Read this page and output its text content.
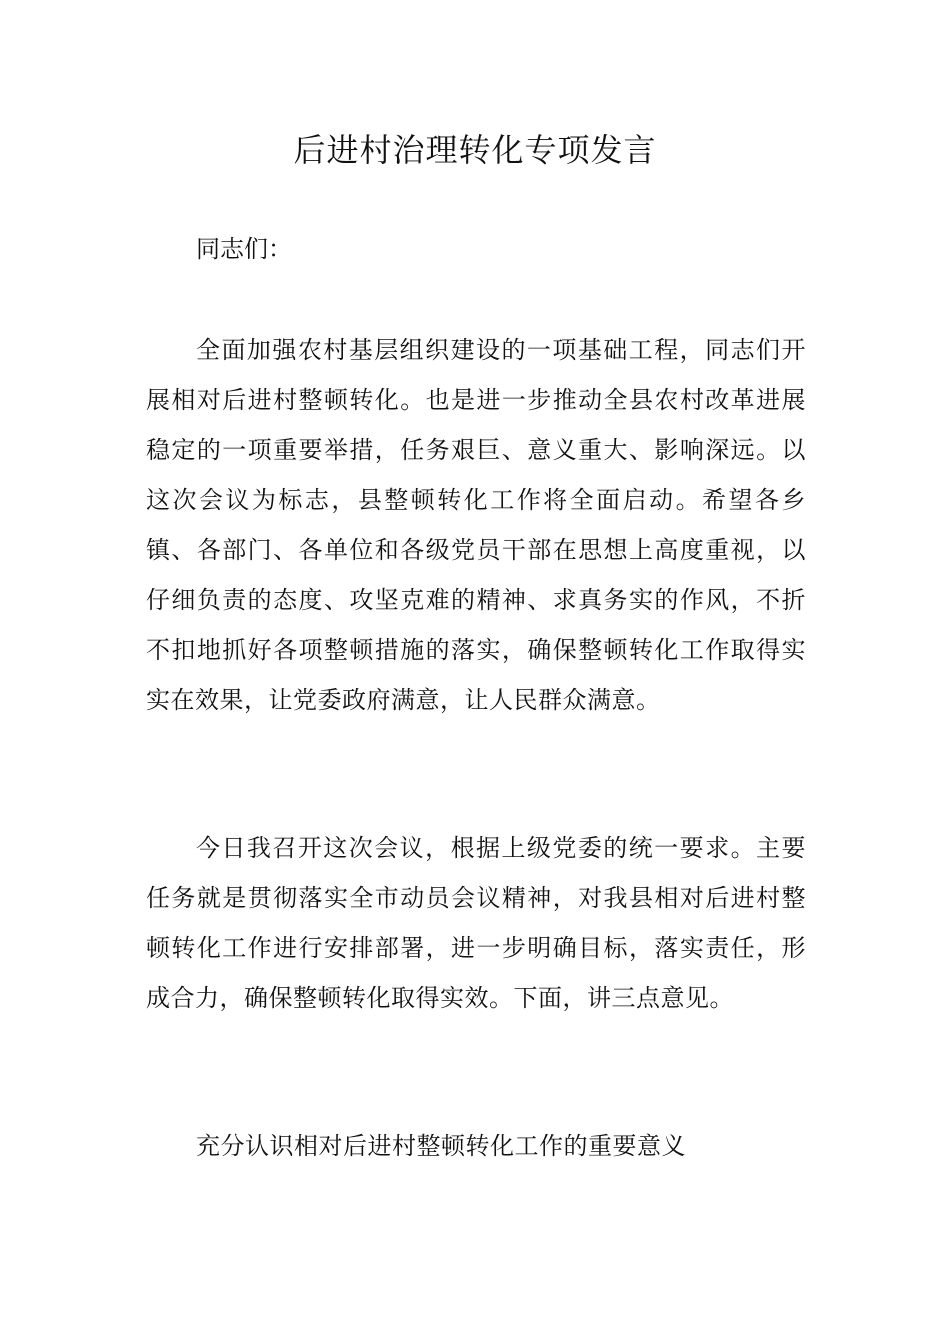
后进村治理转化专项发言

同志们：

全面加强农村基层组织建设的一项基础工程，同志们开展相对后进村整顿转化。也是进一步推动全县农村改革进展稳定的一项重要举措，任务艰巨、意义重大、影响深远。以这次会议为标志，县整顿转化工作将全面启动。希望各乡镇、各部门、各单位和各级党员干部在思想上高度重视，以仔细负责的态度、攻坚克难的精神、求真务实的作风，不折不扣地抓好各项整顿措施的落实，确保整顿转化工作取得实实在效果，让党委政府满意，让人民群众满意。

今日我召开这次会议，根据上级党委的统一要求。主要任务就是贯彻落实全市动员会议精神，对我县相对后进村整顿转化工作进行安排部署，进一步明确目标，落实责任，形成合力，确保整顿转化取得实效。下面，讲三点意见。

充分认识相对后进村整顿转化工作的重要意义
